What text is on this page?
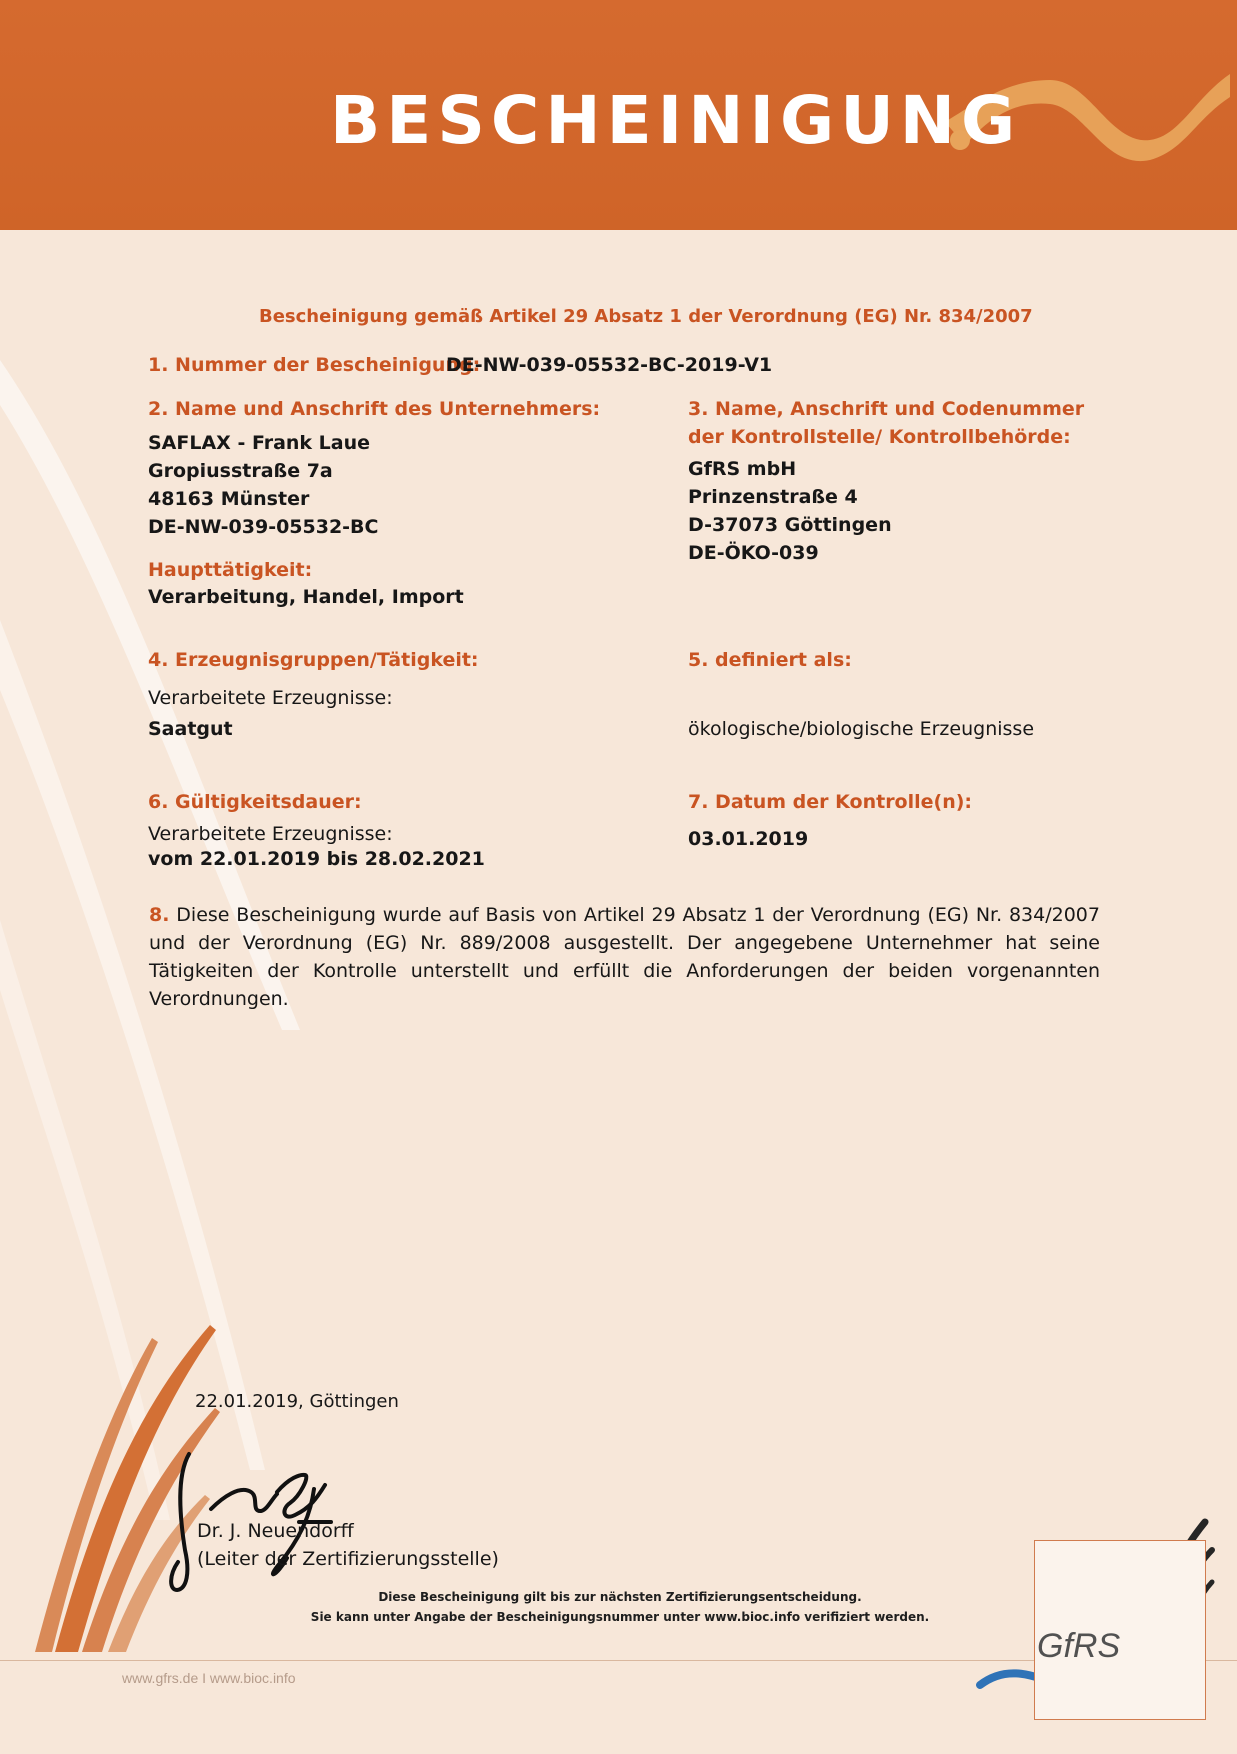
BESCHEINIGUNG
Bescheinigung gemäß Artikel 29 Absatz 1 der Verordnung (EG) Nr. 834/2007
1. Nummer der Bescheinigung:
DE-NW-039-05532-BC-2019-V1
2. Name und Anschrift des Unternehmers:
SAFLAX - Frank Laue
Gropiusstraße 7a
48163 Münster
DE-NW-039-05532-BC
Haupttätigkeit:
Verarbeitung, Handel, Import
3. Name, Anschrift und Codenummer der Kontrollstelle/ Kontrollbehörde:
GfRS mbH
Prinzenstraße 4
D-37073 Göttingen
DE-ÖKO-039
4. Erzeugnisgruppen/Tätigkeit:
Verarbeitete Erzeugnisse:
Saatgut
5. definiert als:
ökologische/biologische Erzeugnisse
6. Gültigkeitsdauer:
Verarbeitete Erzeugnisse:
vom 22.01.2019 bis 28.02.2021
7. Datum der Kontrolle(n):
03.01.2019
8. Diese Bescheinigung wurde auf Basis von Artikel 29 Absatz 1 der Verordnung (EG) Nr. 834/2007 und der Verordnung (EG) Nr. 889/2008 ausgestellt. Der angegebene Unternehmer hat seine Tätigkeiten der Kontrolle unterstellt und erfüllt die Anforderungen der beiden vorgenannten Verordnungen.
22.01.2019, Göttingen
Dr. J. Neuendorff
(Leiter der Zertifizierungsstelle)
Diese Bescheinigung gilt bis zur nächsten Zertifizierungsentscheidung.
Sie kann unter Angabe der Bescheinigungsnummer unter www.bioc.info verifiziert werden.
www.gfrs.de I www.bioc.info
GfRS
